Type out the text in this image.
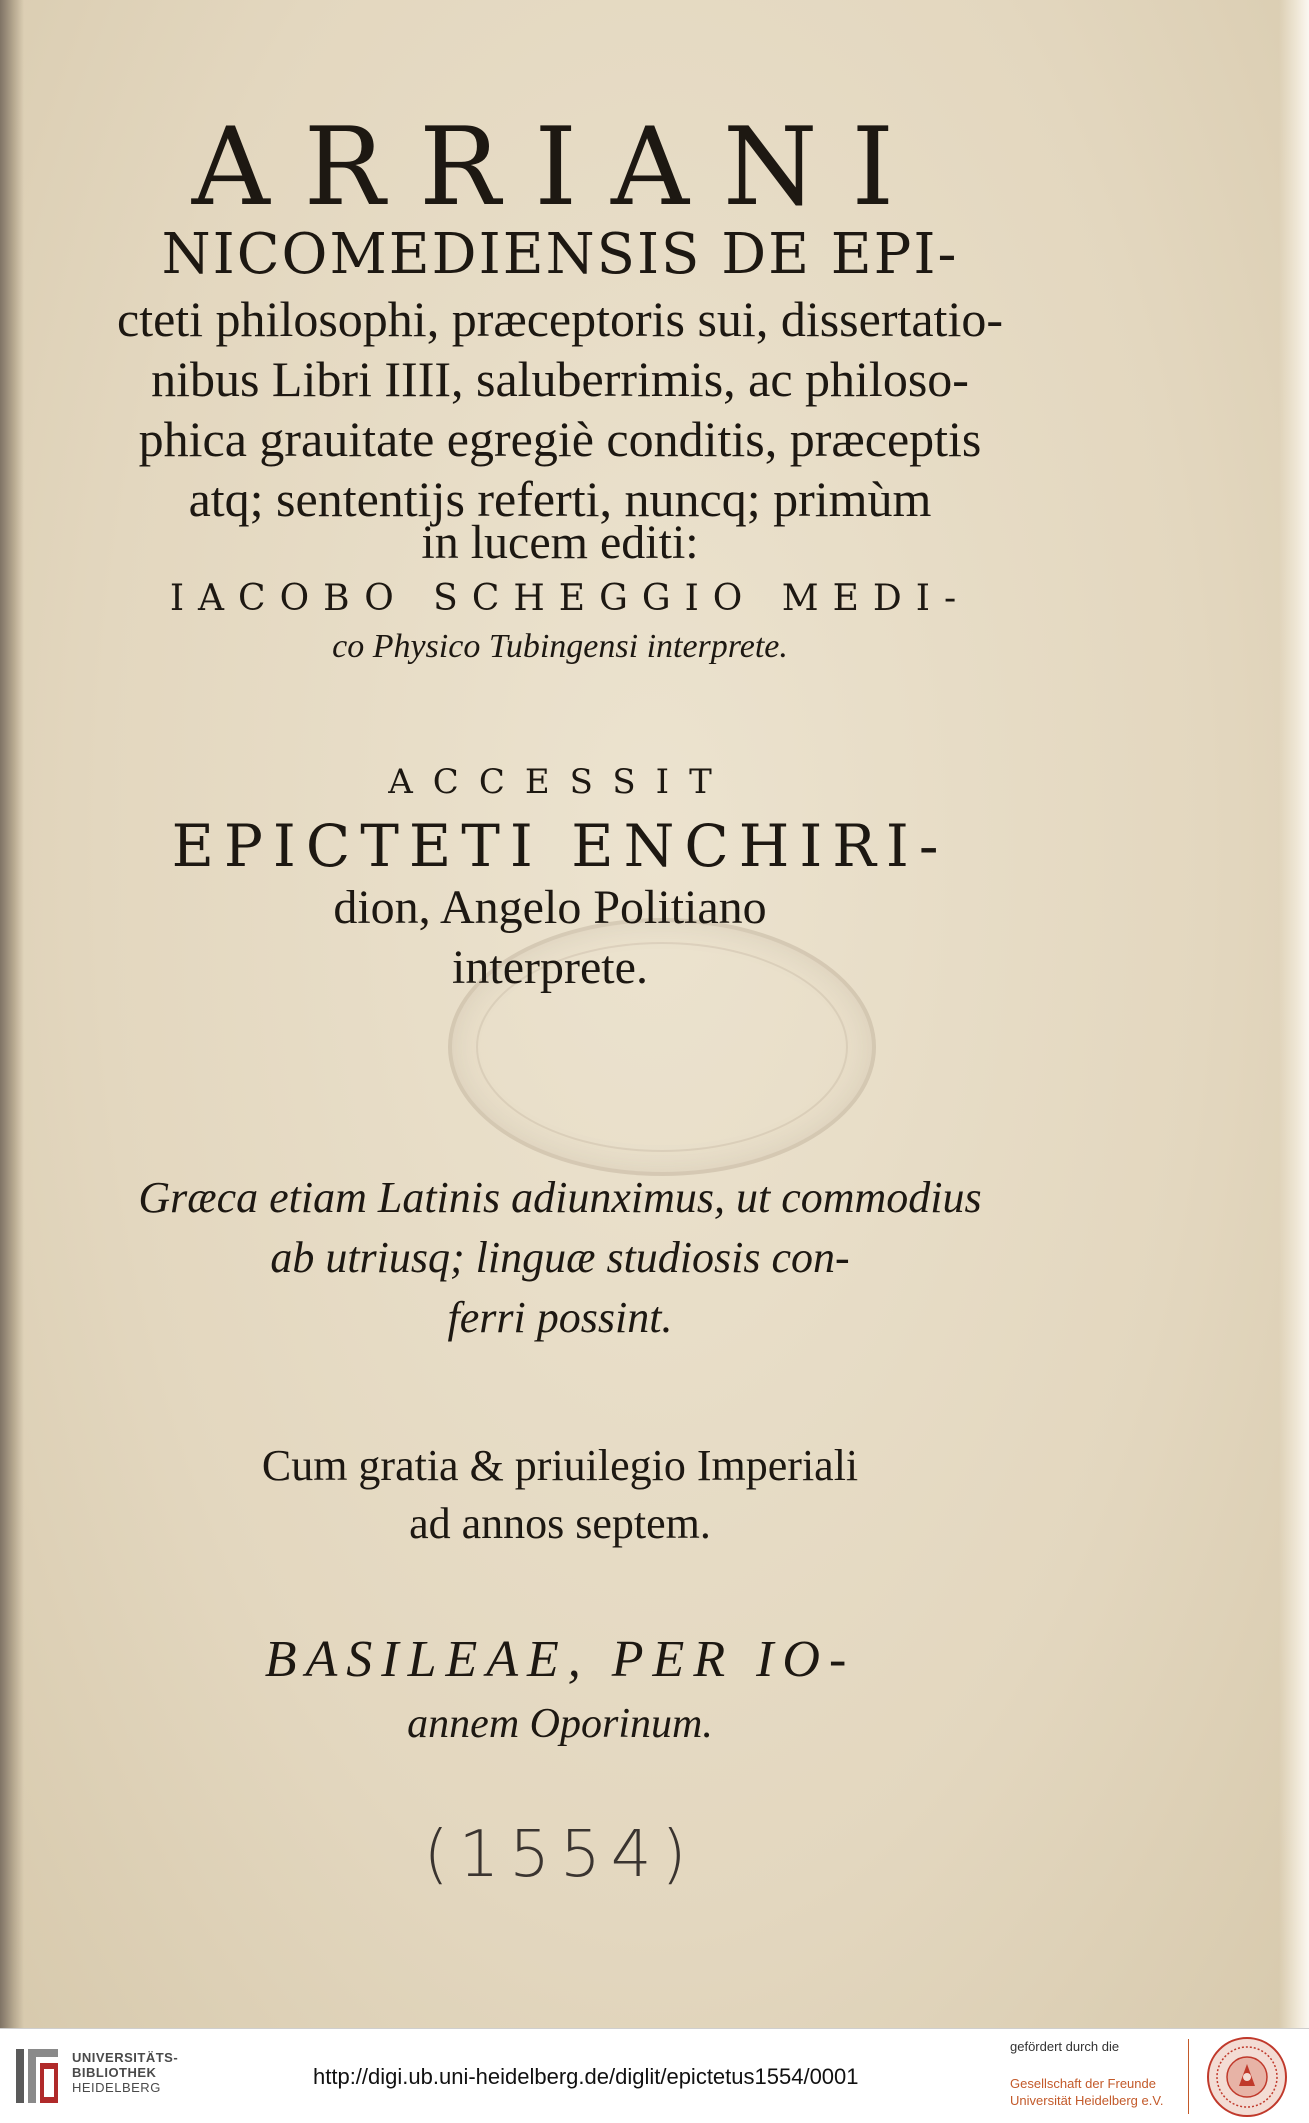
ARRIANI

NICOMEDIENSIS DE EPI-

cteti philosophi, præceptoris sui, dissertatio-

nibus Libri IIII, saluberrimis, ac philoso-

phica grauitate egregiè conditis, præceptis

atq; sententijs referti, nuncq; primùm

in lucem editi:

IACOBO SCHEGGIO MEDI-

co Physico Tubingensi interprete.

ACCESSIT

EPICTETI ENCHIRI-

dion, Angelo Politiano

interprete.

Græca etiam Latinis adiunximus, ut commodius

ab utriusq; linguæ studiosis con-

ferri possint.

Cum gratia & priuilegio Imperiali

ad annos septem.

BASILEAE, PER IO-

annem Oporinum.

(1554)

UNIVERSITÄTS-
BIBLIOTHEK
HEIDELBERG	http://digi.ub.uni-heidelberg.de/diglit/epictetus1554/0001
gefördert durch die
Gesellschaft der Freunde
Universität Heidelberg e.V.
